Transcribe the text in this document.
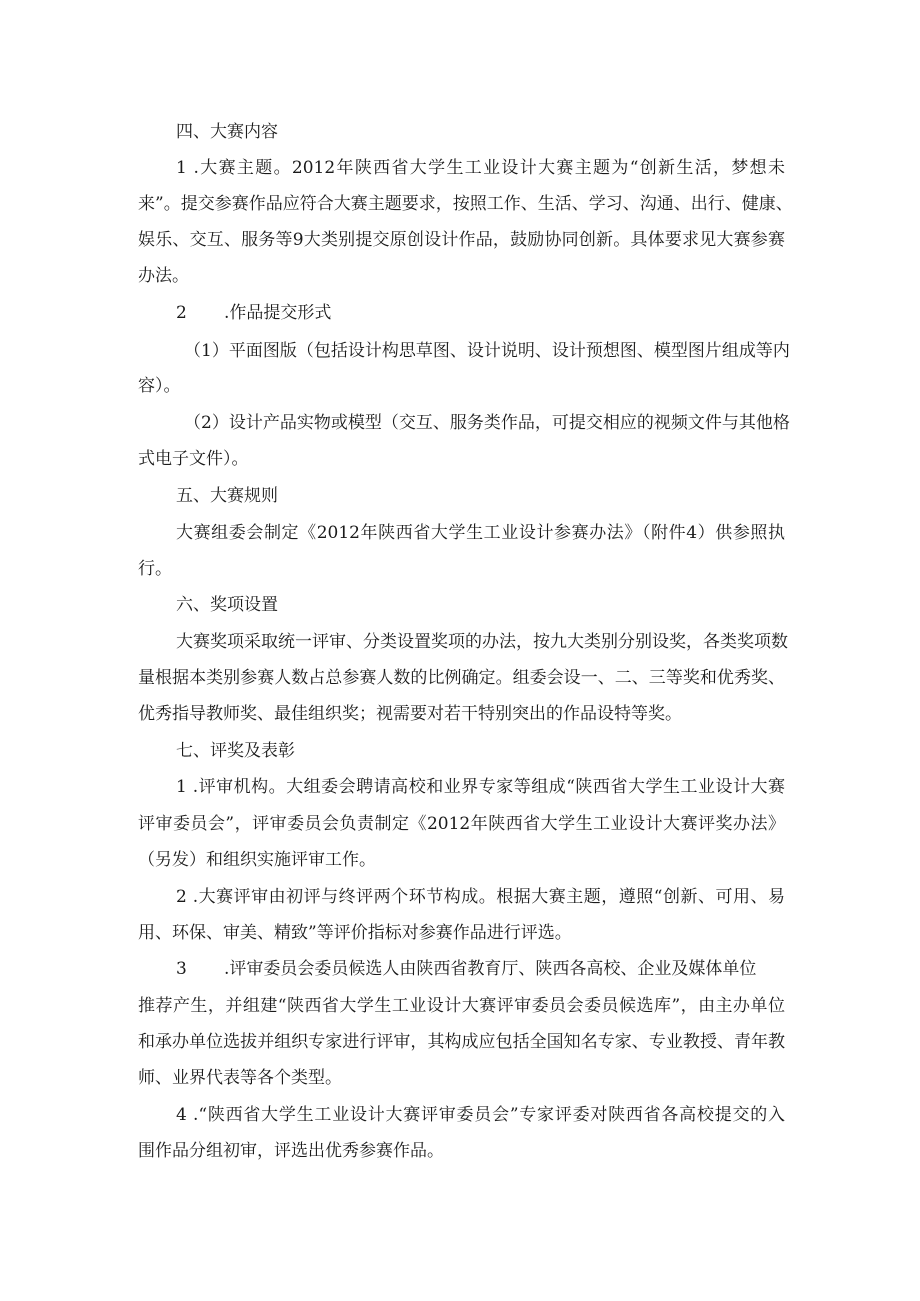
四、大赛内容
1 .大赛主题。2012年陕西省大学生工业设计大赛主题为“创新生活，梦想未
来”。提交参赛作品应符合大赛主题要求，按照工作、生活、学习、沟通、出行、健康、
娱乐、交互、服务等9大类别提交原创设计作品，鼓励协同创新。具体要求见大赛参赛
办法。
2 .作品提交形式
（1）平面图版（包括设计构思草图、设计说明、设计预想图、模型图片组成等内
容）。
（2）设计产品实物或模型（交互、服务类作品，可提交相应的视频文件与其他格
式电子文件）。
五、大赛规则
大赛组委会制定《2012年陕西省大学生工业设计参赛办法》（附件4）供参照执
行。
六、奖项设置
大赛奖项采取统一评审、分类设置奖项的办法，按九大类别分别设奖，各类奖项数
量根据本类别参赛人数占总参赛人数的比例确定。组委会设一、二、三等奖和优秀奖、
优秀指导教师奖、最佳组织奖；视需要对若干特别突出的作品设特等奖。
七、评奖及表彰
1 .评审机构。大组委会聘请高校和业界专家等组成“陕西省大学生工业设计大赛
评审委员会”，评审委员会负责制定《2012年陕西省大学生工业设计大赛评奖办法》
（另发）和组织实施评审工作。
2 .大赛评审由初评与终评两个环节构成。根据大赛主题，遵照“创新、可用、易
用、环保、审美、精致”等评价指标对参赛作品进行评选。
3 .评审委员会委员候选人由陕西省教育厅、陕西各高校、企业及媒体单位
推荐产生，并组建“陕西省大学生工业设计大赛评审委员会委员候选库”，由主办单位
和承办单位选拔并组织专家进行评审，其构成应包括全国知名专家、专业教授、青年教
师、业界代表等各个类型。
4 .“陕西省大学生工业设计大赛评审委员会”专家评委对陕西省各高校提交的入
围作品分组初审，评选出优秀参赛作品。
